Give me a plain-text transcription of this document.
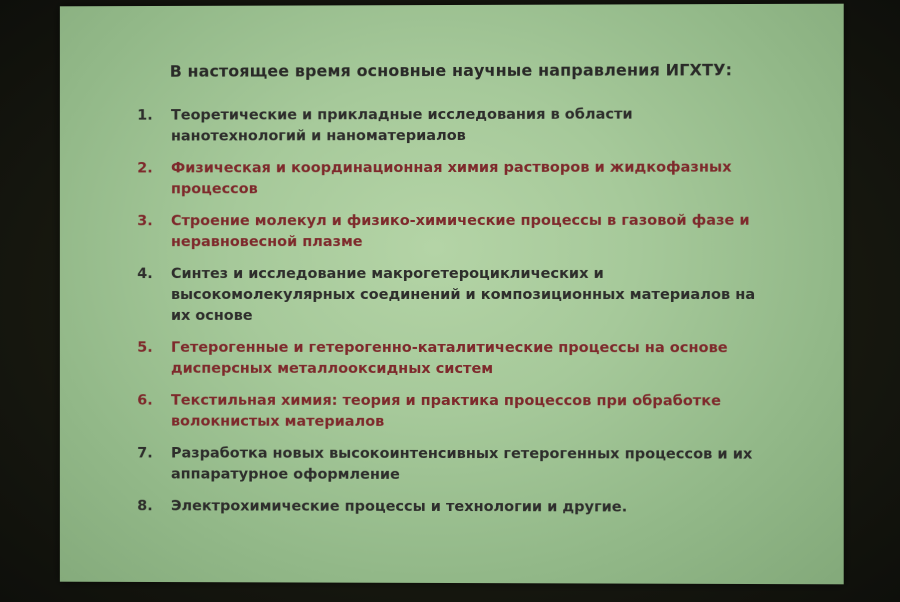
В настоящее время основные научные направления ИГХТУ:
1.	Теоретические и прикладные исследования в области
нанотехнологий и наноматериалов
2.	Физическая и координационная химия растворов и жидкофазных
процессов
3.	Строение молекул и физико-химические процессы в газовой фазе и
неравновесной плазме
4.	Синтез и исследование макрогетероциклических и
высокомолекулярных соединений и композиционных материалов на
их основе
5.	Гетерогенные и гетерогенно-каталитические процессы на основе
дисперсных металлооксидных систем
6.	Текстильная химия: теория и практика процессов при обработке
волокнистых материалов
7.	Разработка новых высокоинтенсивных гетерогенных процессов и их
аппаратурное оформление
8.	Электрохимические процессы и технологии и другие.
